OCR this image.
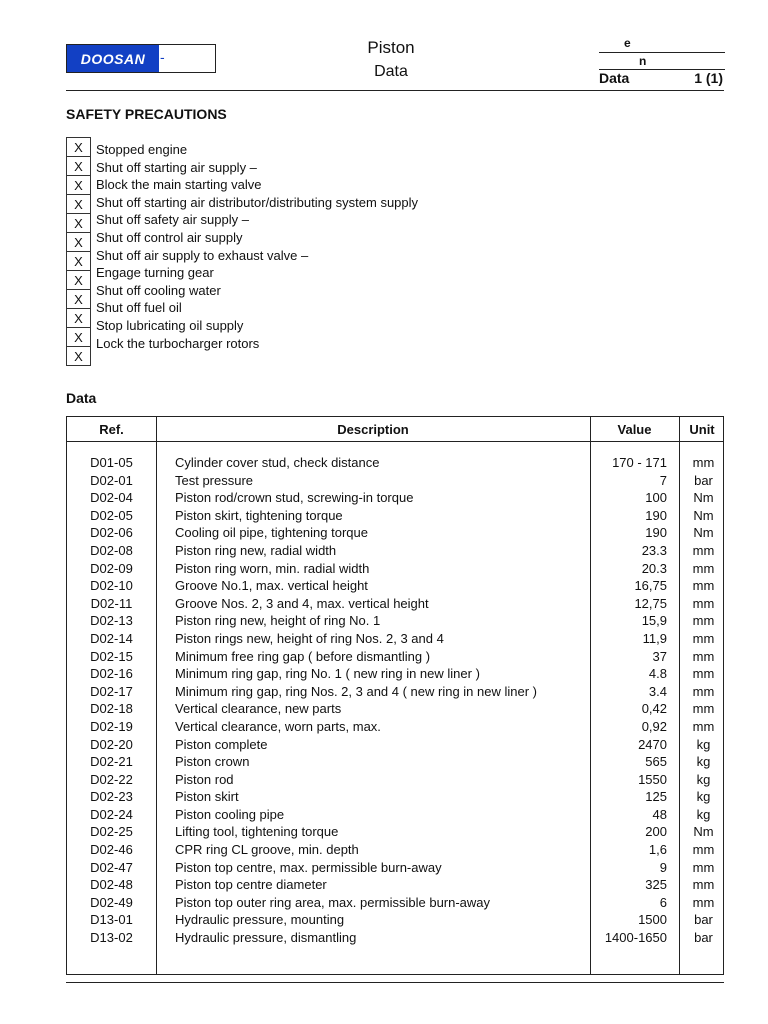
DOOSAN -	Piston
Data
e
n
Data	1 (1)
SAFETY PRECAUTIONS
X
X
X
X
X
X
X
X
X
X
X
X
Stopped engine
Shut off starting air supply –
Block the main starting valve
Shut off starting air distributor/distributing system supply
Shut off safety air supply –
Shut off control air supply
Shut off air supply to exhaust valve –
Engage turning gear
Shut off cooling water
Shut off fuel oil
Stop lubricating oil supply
Lock the turbocharger rotors
Data
Ref.	Description	Value	Unit
D01-05	Cylinder cover stud, check distance	170 - 171	mm
D02-01	Test pressure	7	bar
D02-04	Piston rod/crown stud, screwing-in torque	100	Nm
D02-05	Piston skirt, tightening torque	190	Nm
D02-06	Cooling oil pipe, tightening torque	190	Nm
D02-08	Piston ring new, radial width	23.3	mm
D02-09	Piston ring worn, min. radial width	20.3	mm
D02-10	Groove No.1, max. vertical height	16,75	mm
D02-11	Groove Nos. 2, 3 and 4, max. vertical height	12,75	mm
D02-13	Piston ring new, height of ring No. 1	15,9	mm
D02-14	Piston rings new, height of ring Nos. 2, 3 and 4	11,9	mm
D02-15	Minimum free ring gap ( before dismantling )	37	mm
D02-16	Minimum ring gap, ring No. 1 ( new ring in new liner )	4.8	mm
D02-17	Minimum ring gap, ring Nos. 2, 3 and 4 ( new ring in new liner )	3.4	mm
D02-18	Vertical clearance, new parts	0,42	mm
D02-19	Vertical clearance, worn parts, max.	0,92	mm
D02-20	Piston complete	2470	kg
D02-21	Piston crown	565	kg
D02-22	Piston rod	1550	kg
D02-23	Piston skirt	125	kg
D02-24	Piston cooling pipe	48	kg
D02-25	Lifting tool, tightening torque	200	Nm
D02-46	CPR ring CL groove, min. depth	1,6	mm
D02-47	Piston top centre, max. permissible burn-away	9	mm
D02-48	Piston top centre diameter	325	mm
D02-49	Piston top outer ring area, max. permissible burn-away	6	mm
D13-01	Hydraulic pressure, mounting	1500	bar
D13-02	Hydraulic pressure, dismantling	1400-1650	bar
